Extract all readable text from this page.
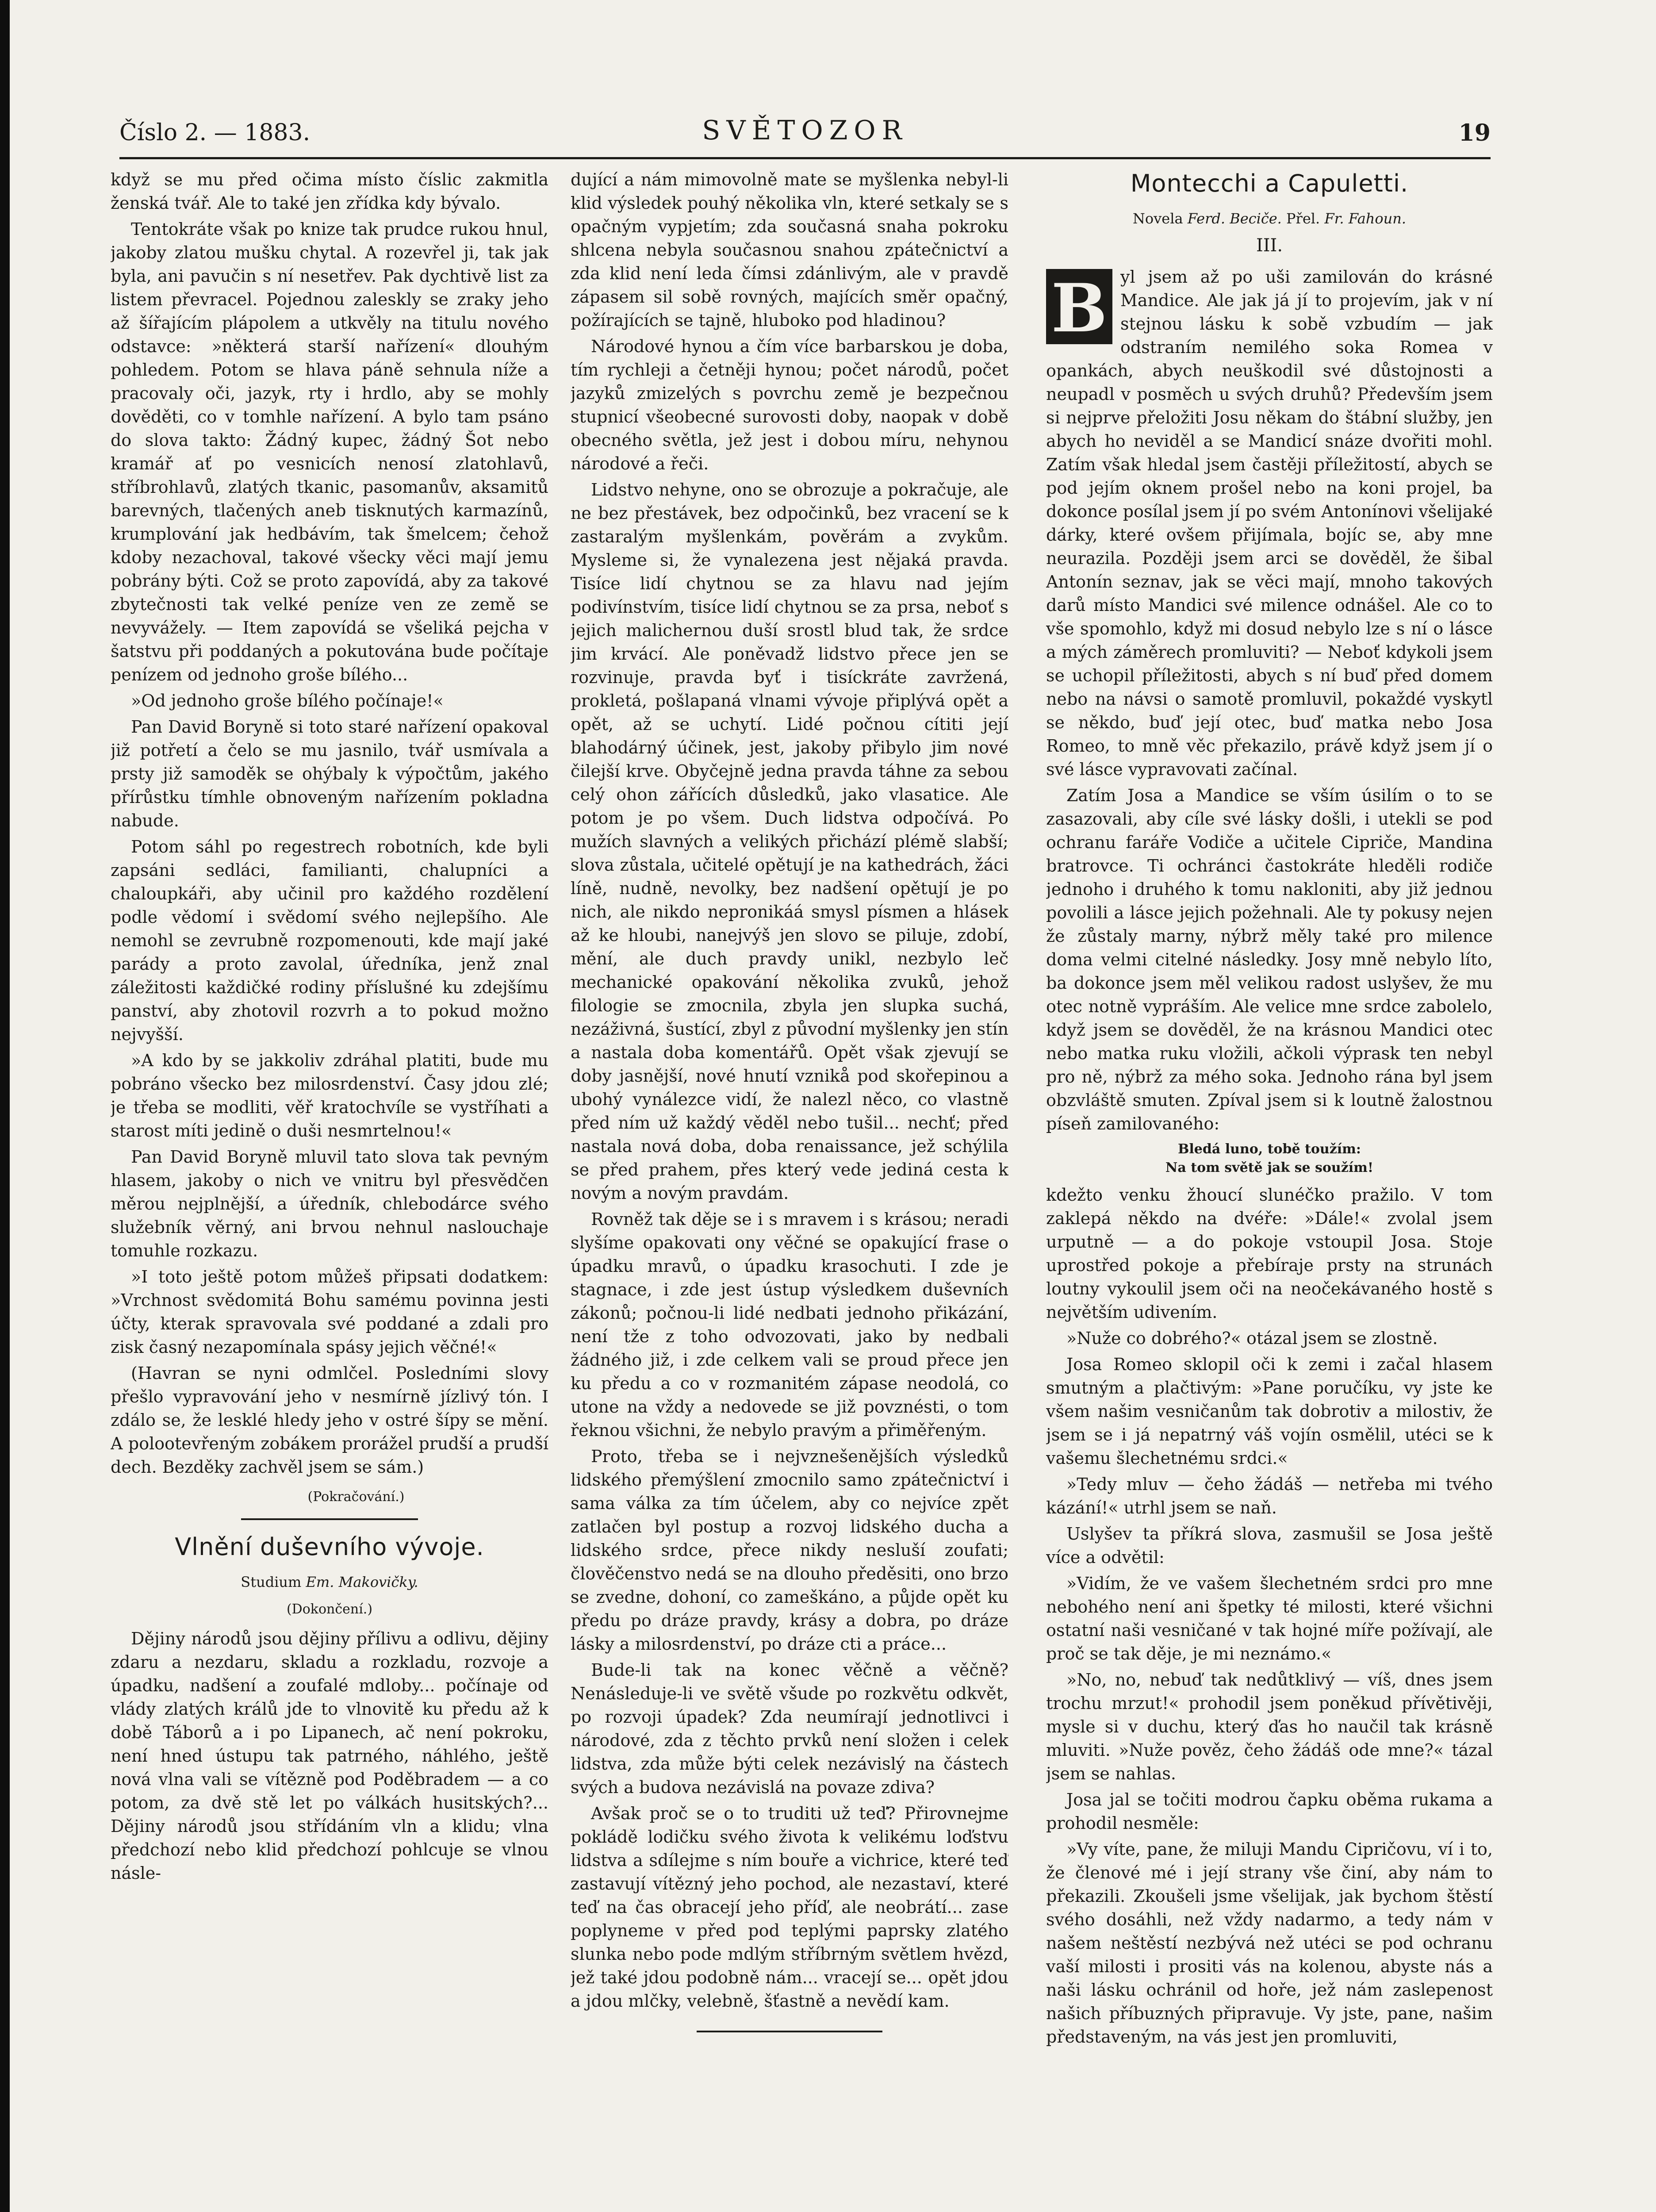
Číslo 2. — 1883.	SVĚTOZOR	19

když se mu před očima místo číslic zakmitla ženská tvář. Ale to také jen zřídka kdy bývalo.

Tentokráte však po knize tak prudce rukou hnul, jakoby zlatou mušku chytal. A rozevřel ji, tak jak byla, ani pavučin s ní nesetřev. Pak dychtivě list za listem převracel. Pojednou zaleskly se zraky jeho až šířajícím plápolem a utkvěly na titulu nového odstavce: »některá starší nařízení« dlouhým pohledem. Potom se hlava páně sehnula níže a pracovaly oči, jazyk, rty i hrdlo, aby se mohly dověděti, co v tomhle nařízení. A bylo tam psáno do slova takto: Žádný kupec, žádný Šot nebo kramář ať po vesnicích nenosí zlatohlavů, stříbrohlavů, zlatých tkanic, pasomanův, aksamitů barevných, tlačených aneb tisknutých karmazínů, krumplování jak hedbávím, tak šmelcem; čehož kdoby nezachoval, takové všecky věci mají jemu pobrány býti. Což se proto zapovídá, aby za takové zbytečnosti tak velké peníze ven ze země se nevyvážely. — Item zapovídá se všeliká pejcha v šatstvu při poddaných a pokutována bude počítaje penízem od jednoho groše bílého...

»Od jednoho groše bílého počínaje!«

Pan David Boryně si toto staré nařízení opakoval již potřetí a čelo se mu jasnilo, tvář usmívala a prsty již samoděk se ohýbaly k výpočtům, jakého přírůstku tímhle obnoveným nařízením pokladna nabude.

Potom sáhl po regestrech robotních, kde byli zapsáni sedláci, familianti, chalupníci a chaloupkáři, aby učinil pro každého rozdělení podle vědomí i svědomí svého nejlepšího. Ale nemohl se zevrubně rozpomenouti, kde mají jaké parády a proto zavolal, úředníka, jenž znal záležitosti každičké rodiny příslušné ku zdejšímu panství, aby zhotovil rozvrh a to pokud možno nejvyšší.

»A kdo by se jakkoliv zdráhal platiti, bude mu pobráno všecko bez milosrdenství. Časy jdou zlé; je třeba se modliti, věř kratochvíle se vystříhati a starost míti jedině o duši nesmrtelnou!«

Pan David Boryně mluvil tato slova tak pevným hlasem, jakoby o nich ve vnitru byl přesvědčen měrou nejplnější, a úředník, chlebodárce svého služebník věrný, ani brvou nehnul naslouchaje tomuhle rozkazu.

»I toto ještě potom můžeš připsati dodatkem: »Vrchnost svědomitá Bohu samému povinna jesti účty, kterak spravovala své poddané a zdali pro zisk časný nezapomínala spásy jejich věčné!«

(Havran se nyni odmlčel. Posledními slovy přešlo vypravování jeho v nesmírně jízlivý tón. I zdálo se, že lesklé hledy jeho v ostré šípy se mění. A polootevřeným zobákem prorážel prudší a prudší dech. Bezděky zachvěl jsem se sám.)

(Pokračování.)
Vlnění duševního vývoje.
Studium Em. Makovičky.
(Dokončení.)

Dějiny národů jsou dějiny přílivu a odlivu, dějiny zdaru a nezdaru, skladu a rozkladu, rozvoje a úpadku, nadšení a zoufalé mdloby... počínaje od vlády zlatých králů jde to vlnovitě ku předu až k době Táborů a i po Lipanech, ač není pokroku, není hned ústupu tak patrného, náhlého, ještě nová vlna vali se vítězně pod Poděbradem — a co potom, za dvě stě let po válkách husitských?... Dějiny národů jsou střídáním vln a klidu; vlna předchozí nebo klid předchozí pohlcuje se vlnou násle-

dující a nám mimovolně mate se myšlenka nebyl-li klid výsledek pouhý několika vln, které setkaly se s opačným vypjetím; zda současná snaha pokroku shlcena nebyla současnou snahou zpátečnictví a zda klid není leda čímsi zdánlivým, ale v pravdě zápasem sil sobě rovných, majících směr opačný, požírajících se tajně, hluboko pod hladinou?

Národové hynou a čím více barbarskou je doba, tím rychleji a četněji hynou; počet národů, počet jazyků zmizelých s povrchu země je bezpečnou stupnicí všeobecné surovosti doby, naopak v době obecného světla, jež jest i dobou míru, nehynou národové a řeči.

Lidstvo nehyne, ono se obrozuje a pokračuje, ale ne bez přestávek, bez odpočinků, bez vracení se k zastaralým myšlenkám, pověrám a zvykům. Mysleme si, že vynalezena jest nějaká pravda. Tisíce lidí chytnou se za hlavu nad jejím podivínstvím, tisíce lidí chytnou se za prsa, neboť s jejich malichernou duší srostl blud tak, že srdce jim krvácí. Ale poněvadž lidstvo přece jen se rozvinuje, pravda byť i tisíckráte zavržená, prokletá, pošlapaná vlnami vývoje připlývá opět a opět, až se uchytí. Lidé počnou cítiti její blahodárný účinek, jest, jakoby přibylo jim nové čilejší krve. Obyčejně jedna pravda táhne za sebou celý ohon zářících důsledků, jako vlasatice. Ale potom je po všem. Duch lidstva odpočívá. Po mužích slavných a velikých přichází plémě slabší; slova zůstala, učitelé opětují je na kathedrách, žáci líně, nudně, nevolky, bez nadšení opětují je po nich, ale nikdo nepronikáá smysl písmen a hlásek až ke hloubi, nanejvýš jen slovo se piluje, zdobí, mění, ale duch pravdy unikl, nezbylo leč mechanické opakování několika zvuků, jehož filologie se zmocnila, zbyla jen slupka suchá, nezáživná, šustící, zbyl z původní myšlenky jen stín a nastala doba komentářů. Opět však zjevují se doby jasnější, nové hnutí vznikå pod skořepinou a ubohý vynálezce vidí, že nalezl něco, co vlastně před ním už každý věděl nebo tušil... nechť; před nastala nová doba, doba renaissance, jež schýlila se před prahem, přes který vede jediná cesta k novým a novým pravdám.

Rovněž tak děje se i s mravem i s krásou; neradi slyšíme opakovati ony věčné se opakující frase o úpadku mravů, o úpadku krasochuti. I zde je stagnace, i zde jest ústup výsledkem duševních zákonů; počnou-li lidé nedbati jednoho přikázání, není tže z toho odvozovati, jako by nedbali žádného již, i zde celkem vali se proud přece jen ku předu a co v rozmanitém zápase neodolá, co utone na vždy a nedovede se již povznésti, o tom řeknou všichni, že nebylo pravým a přiměřeným.

Proto, třeba se i nejvznešenějších výsledků lidského přemýšlení zmocnilo samo zpátečnictví i sama válka za tím účelem, aby co nejvíce zpět zatlačen byl postup a rozvoj lidského ducha a lidského srdce, přece nikdy nesluší zoufati; člověčenstvo nedá se na dlouho předěsiti, ono brzo se zvedne, dohoní, co zameškáno, a půjde opět ku předu po dráze pravdy, krásy a dobra, po dráze lásky a milosrdenství, po dráze cti a práce...

Bude-li tak na konec věčně a věčně? Nenásleduje-li ve světě všude po rozkvětu odkvět, po rozvoji úpadek? Zda neumírají jednotlivci i národové, zda z těchto prvků není složen i celek lidstva, zda může býti celek nezávislý na částech svých a budova nezávislá na povaze zdiva?

Avšak proč se o to truditi už teď? Přirovnejme pokládě lodičku svého života k velikému loďstvu lidstva a sdílejme s ním bouře a vichrice, které teď zastavují vítězný jeho pochod, ale nezastaví, které teď na čas obracejí jeho příď, ale neobrátí... zase poplyneme v před pod teplými paprsky zlatého slunka nebo pode mdlým stříbrným světlem hvězd, jež také jdou podobně nám... vracejí se... opět jdou a jdou mlčky, velebně, šťastně a nevědí kam.

Montecchi a Capuletti.
Novela Ferd. Beciče. Přel. Fr. Fahoun.
III.
B yl jsem až po uši zamilován do krásné Mandice. Ale jak já jí to projevím, jak v ní stejnou lásku k sobě vzbudím — jak odstraním nemilého soka Romea v opankách, abych neuškodil své důstojnosti a neupadl v posměch u svých druhů? Především jsem si nejprve přeložiti Josu někam do štábní služby, jen abych ho neviděl a se Mandicí snáze dvořiti mohl. Zatím však hledal jsem častěji příležitostí, abych se pod jejím oknem prošel nebo na koni projel, ba dokonce posílal jsem jí po svém Antonínovi všelijaké dárky, které ovšem přijímala, bojíc se, aby mne neurazila. Později jsem arci se dověděl, že šibal Antonín seznav, jak se věci mají, mnoho takových darů místo Mandici své milence odnášel. Ale co to vše spomohlo, když mi dosud nebylo lze s ní o lásce a mých záměrech promluviti? — Neboť kdykoli jsem se uchopil příležitosti, abych s ní buď před domem nebo na návsi o samotě promluvil, pokaždé vyskytl se někdo, buď její otec, buď matka nebo Josa Romeo, to mně věc překazilo, právě když jsem jí o své lásce vypravovati začínal.

Zatím Josa a Mandice se vším úsilím o to se zasazovali, aby cíle své lásky došli, i utekli se pod ochranu faráře Vodiče a učitele Cipriče, Mandina bratrovce. Ti ochránci častokráte hleděli rodiče jednoho i druhého k tomu nakloniti, aby již jednou povolili a lásce jejich požehnali. Ale ty pokusy nejen že zůstaly marny, nýbrž měly také pro milence doma velmi citelné následky. Josy mně nebylo líto, ba dokonce jsem měl velikou radost uslyšev, že mu otec notně vypráším. Ale velice mne srdce zabolelo, když jsem se dověděl, že na krásnou Mandici otec nebo matka ruku vložili, ačkoli výprask ten nebyl pro ně, nýbrž za mého soka. Jednoho rána byl jsem obzvláště smuten. Zpíval jsem si k loutně žalostnou píseň zamilovaného:

Bledá luno, tobě toužím:
Na tom světě jak se soužím!

kdežto venku žhoucí slunéčko pražilo. V tom zaklepá někdo na dvéře: »Dále!« zvolal jsem urputně — a do pokoje vstoupil Josa. Stoje uprostřed pokoje a přebíraje prsty na strunách loutny vykoulil jsem oči na neočekávaného hostě s největším udivením.

»Nuže co dobrého?« otázal jsem se zlostně.

Josa Romeo sklopil oči k zemi i začal hlasem smutným a plačtivým: »Pane poručíku, vy jste ke všem našim vesničanům tak dobrotiv a milostiv, že jsem se i já nepatrný váš vojín osmělil, utéci se k vašemu šlechetnému srdci.«

»Tedy mluv — čeho žádáš — netřeba mi tvého kázání!« utrhl jsem se naň.

Uslyšev ta příkrá slova, zasmušil se Josa ještě více a odvětil:

»Vidím, že ve vašem šlechetném srdci pro mne nebohého není ani špetky té milosti, které všichni ostatní naši vesničané v tak hojné míře požívají, ale proč se tak děje, je mi neznámo.«

»No, no, nebuď tak nedůtklivý — víš, dnes jsem trochu mrzut!« prohodil jsem poněkud přívětivěji, mysle si v duchu, který ďas ho naučil tak krásně mluviti. »Nuže pověz, čeho žádáš ode mne?« tázal jsem se nahlas.

Josa jal se točiti modrou čapku oběma rukama a prohodil nesměle:

»Vy víte, pane, že miluji Mandu Cipričovu, ví i to, že členové mé i její strany vše činí, aby nám to překazili. Zkoušeli jsme všelijak, jak bychom štěstí svého dosáhli, než vždy nadarmo, a tedy nám v našem neštěstí nezbývá než utéci se pod ochranu vaší milosti i prositi vás na kolenou, abyste nás a naši lásku ochránil od hoře, jež nám zaslepenost našich příbuzných připravuje. Vy jste, pane, našim představeným, na vás jest jen promluviti,
